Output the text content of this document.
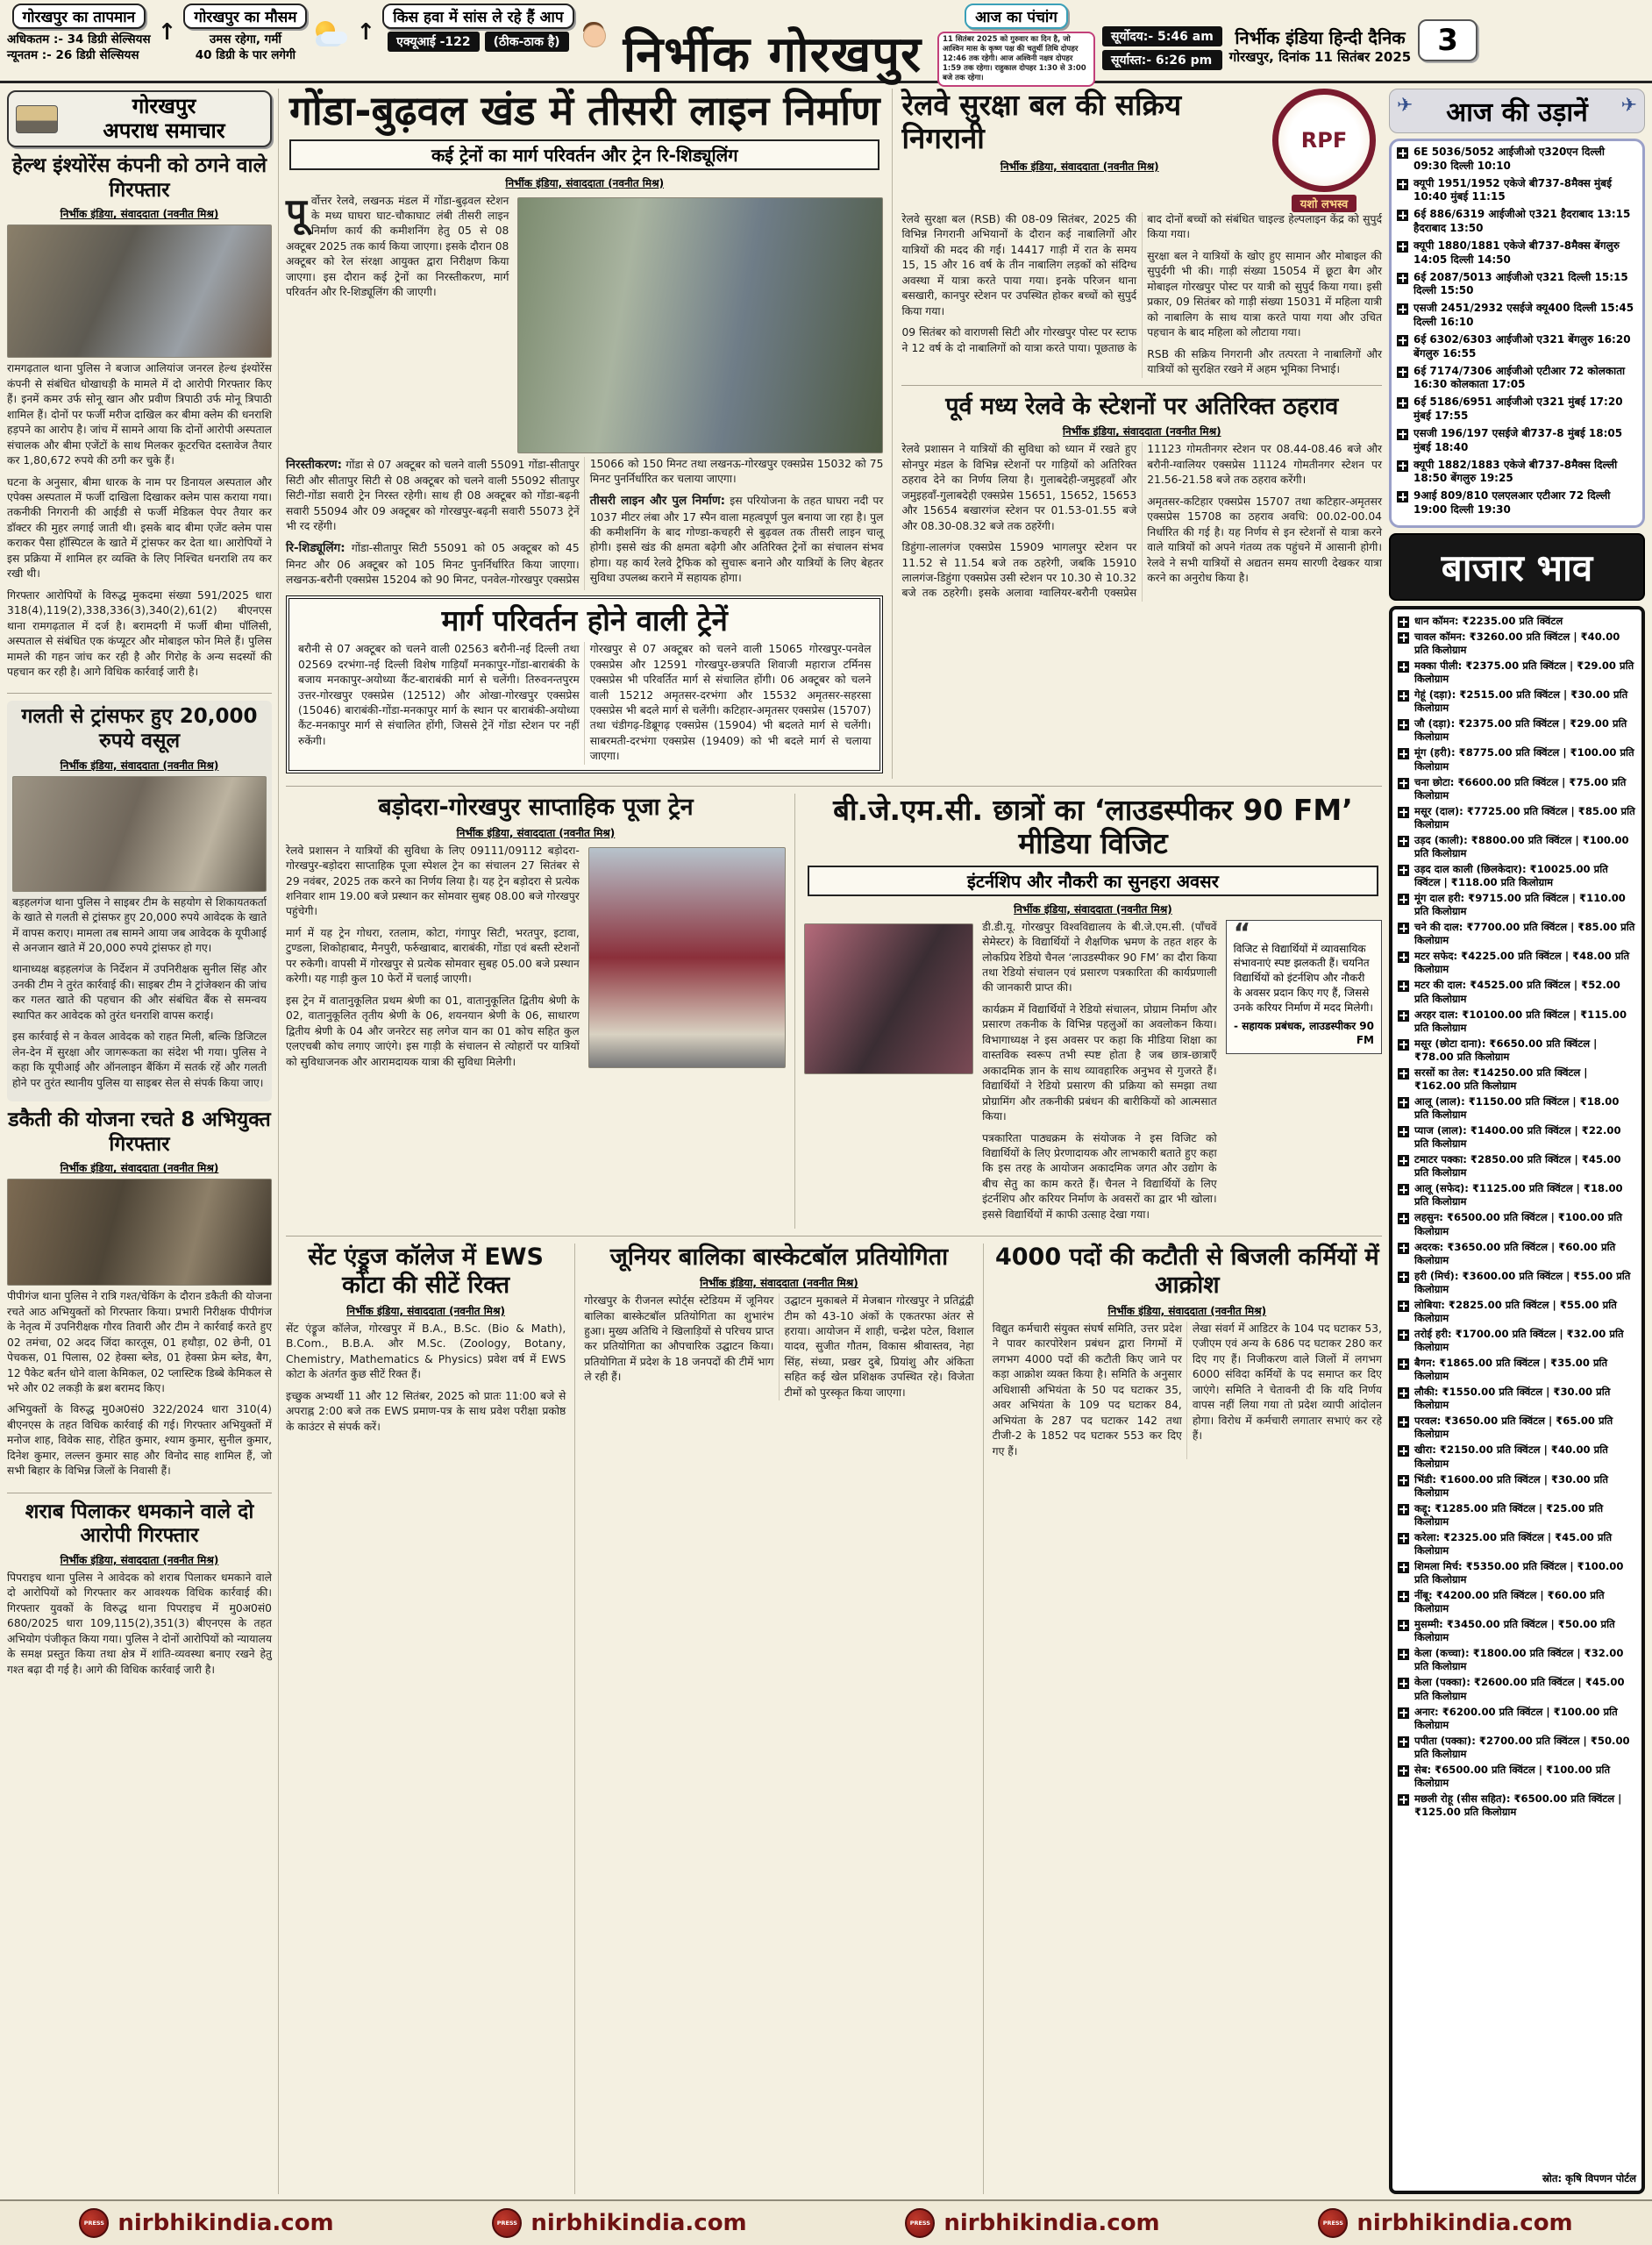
गोरखपुर का तापमान
अधिकतम :- 34 डिग्री सेल्सियस
न्यूनतम :- 26 डिग्री सेल्सियस
↑
गोरखपुर का मौसम
उमस रहेगा, गर्मी
40 डिग्री के पार लगेगी
↑
किस हवा में सांस ले रहे हैं आप
एक्यूआई -122	(ठीक-ठाक है) निर्भीक गोरखपुर
आज का पंचांग
11 सितंबर 2025 को गुरुवार का दिन है, जो आश्विन मास के कृष्ण पक्ष की चतुर्थी तिथि दोपहर 12:46 तक रहेगी। आज अश्विनी नक्षत्र दोपहर 1:59 तक रहेगा। राहुकाल दोपहर 1:30 से 3:00 बजे तक रहेगा।
सूर्योदय:- 5:46 am
सूर्यास्त:- 6:26 pm
निर्भीक इंडिया हिन्दी दैनिक
गोरखपुर, दिनांक 11 सितंबर 2025 3
गोरखपुर
अपराध समाचार
हेल्थ इंश्योरेंस कंपनी को ठगने वाले गिरफ्तार
निर्भीक इंडिया, संवाददाता (नवनीत मिश्र)

रामगढ़ताल थाना पुलिस ने बजाज आलियांज जनरल हेल्थ इंश्योरेंस कंपनी से संबंधित धोखाधड़ी के मामले में दो आरोपी गिरफ्तार किए हैं। इनमें कमर उर्फ सोनू खान और प्रवीण त्रिपाठी उर्फ मोनू त्रिपाठी शामिल हैं। दोनों पर फर्जी मरीज दाखिल कर बीमा क्लेम की धनराशि हड़पने का आरोप है। जांच में सामने आया कि दोनों आरोपी अस्पताल संचालक और बीमा एजेंटों के साथ मिलकर कूटरचित दस्तावेज तैयार कर 1,80,672 रुपये की ठगी कर चुके हैं।

घटना के अनुसार, बीमा धारक के नाम पर डिनायल अस्पताल और एपेक्स अस्पताल में फर्जी दाखिला दिखाकर क्लेम पास कराया गया। तकनीकी निगरानी की आईडी से फर्जी मेडिकल पेपर तैयार कर डॉक्टर की मुहर लगाई जाती थी। इसके बाद बीमा एजेंट क्लेम पास कराकर पैसा हॉस्पिटल के खाते में ट्रांसफर कर देता था। आरोपियों ने इस प्रक्रिया में शामिल हर व्यक्ति के लिए निश्चित धनराशि तय कर रखी थी।

गिरफ्तार आरोपियों के विरुद्ध मुकदमा संख्या 591/2025 धारा 318(4),119(2),338,336(3),340(2),61(2) बीएनएस थाना रामगढ़ताल में दर्ज है। बरामदगी में फर्जी बीमा पॉलिसी, अस्पताल से संबंधित एक कंप्यूटर और मोबाइल फोन मिले हैं। पुलिस मामले की गहन जांच कर रही है और गिरोह के अन्य सदस्यों की पहचान कर रही है। आगे विधिक कार्रवाई जारी है।

गलती से ट्रांसफर हुए 20,000 रुपये वसूल
निर्भीक इंडिया, संवाददाता (नवनीत मिश्र)

बड़हलगंज थाना पुलिस ने साइबर टीम के सहयोग से शिकायतकर्ता के खाते से गलती से ट्रांसफर हुए 20,000 रुपये आवेदक के खाते में वापस कराए। मामला तब सामने आया जब आवेदक के यूपीआई से अनजान खाते में 20,000 रुपये ट्रांसफर हो गए।

थानाध्यक्ष बड़हलगंज के निर्देशन में उपनिरीक्षक सुनील सिंह और उनकी टीम ने तुरंत कार्रवाई की। साइबर टीम ने ट्रांजेक्शन की जांच कर गलत खाते की पहचान की और संबंधित बैंक से समन्वय स्थापित कर आवेदक को तुरंत धनराशि वापस कराई।

इस कार्रवाई से न केवल आवेदक को राहत मिली, बल्कि डिजिटल लेन-देन में सुरक्षा और जागरूकता का संदेश भी गया। पुलिस ने कहा कि यूपीआई और ऑनलाइन बैंकिंग में सतर्क रहें और गलती होने पर तुरंत स्थानीय पुलिस या साइबर सेल से संपर्क किया जाए।

डकैती की योजना रचते 8 अभियुक्त गिरफ्तार
निर्भीक इंडिया, संवाददाता (नवनीत मिश्र)

पीपीगंज थाना पुलिस ने रात्रि गश्त/चेकिंग के दौरान डकैती की योजना रचते आठ अभियुक्तों को गिरफ्तार किया। प्रभारी निरीक्षक पीपीगंज के नेतृत्व में उपनिरीक्षक गौरव तिवारी और टीम ने कार्रवाई करते हुए 02 तमंचा, 02 अदद जिंदा कारतूस, 01 हथौड़ा, 02 छेनी, 01 पेचकस, 01 पिलास, 02 हेक्सा ब्लेड, 01 हेक्सा फ्रेम ब्लेड, बैग, 12 पैकेट बर्तन धोने वाला केमिकल, 02 प्लास्टिक डिब्बे केमिकल से भरे और 02 लकड़ी के ब्रश बरामद किए।

अभियुक्तों के विरुद्ध मु0अ0सं0 322/2024 धारा 310(4) बीएनएस के तहत विधिक कार्रवाई की गई। गिरफ्तार अभियुक्तों में मनोज शाह, विवेक साह, रोहित कुमार, श्याम कुमार, सुनील कुमार, दिनेश कुमार, लल्लन कुमार साह और विनोद साह शामिल हैं, जो सभी बिहार के विभिन्न जिलों के निवासी हैं।

शराब पिलाकर धमकाने वाले दो आरोपी गिरफ्तार
निर्भीक इंडिया, संवाददाता (नवनीत मिश्र)

पिपराइच थाना पुलिस ने आवेदक को शराब पिलाकर धमकाने वाले दो आरोपियों को गिरफ्तार कर आवश्यक विधिक कार्रवाई की। गिरफ्तार युवकों के विरुद्ध थाना पिपराइच में मु0अ0सं0 680/2025 धारा 109,115(2),351(3) बीएनएस के तहत अभियोग पंजीकृत किया गया। पुलिस ने दोनों आरोपियों को न्यायालय के समक्ष प्रस्तुत किया तथा क्षेत्र में शांति-व्यवस्था बनाए रखने हेतु गश्त बढ़ा दी गई है। आगे की विधिक कार्रवाई जारी है।

गोंडा-बुढ़वल खंड में तीसरी लाइन निर्माण
कई ट्रेनों का मार्ग परिवर्तन और ट्रेन रि-शिड्यूलिंग
निर्भीक इंडिया, संवाददाता (नवनीत मिश्र)

पूर्वोत्तर रेलवे, लखनऊ मंडल में गोंडा-बुढ़वल स्टेशन के मध्य घाघरा घाट-चौकाघाट लंबी तीसरी लाइन निर्माण कार्य की कमीशनिंग हेतु 05 से 08 अक्टूबर 2025 तक कार्य किया जाएगा। इसके दौरान 08 अक्टूबर को रेल संरक्षा आयुक्त द्वारा निरीक्षण किया जाएगा। इस दौरान कई ट्रेनों का निरस्तीकरण, मार्ग परिवर्तन और रि-शिड्यूलिंग की जाएगी।

निरस्तीकरण: गोंडा से 07 अक्टूबर को चलने वाली 55091 गोंडा-सीतापुर सिटी और सीतापुर सिटी से 08 अक्टूबर को चलने वाली 55092 सीतापुर सिटी-गोंडा सवारी ट्रेन निरस्त रहेगी। साथ ही 08 अक्टूबर को गोंडा-बढ़नी सवारी 55094 और 09 अक्टूबर को गोरखपुर-बढ़नी सवारी 55073 ट्रेनें भी रद रहेंगी।

रि-शिड्यूलिंग: गोंडा-सीतापुर सिटी 55091 को 05 अक्टूबर को 45 मिनट और 06 अक्टूबर को 105 मिनट पुनर्निर्धारित किया जाएगा। लखनऊ-बरौनी एक्सप्रेस 15204 को 90 मिनट, पनवेल-गोरखपुर एक्सप्रेस 15066 को 150 मिनट तथा लखनऊ-गोरखपुर एक्सप्रेस 15032 को 75 मिनट पुनर्निर्धारित कर चलाया जाएगा।

तीसरी लाइन और पुल निर्माण: इस परियोजना के तहत घाघरा नदी पर 1037 मीटर लंबा और 17 स्पैन वाला महत्वपूर्ण पुल बनाया जा रहा है। पुल की कमीशनिंग के बाद गोण्डा-कचहरी से बुढ़वल तक तीसरी लाइन चालू होगी। इससे खंड की क्षमता बढ़ेगी और अतिरिक्त ट्रेनों का संचालन संभव होगा। यह कार्य रेलवे ट्रैफिक को सुचारू बनाने और यात्रियों के लिए बेहतर सुविधा उपलब्ध कराने में सहायक होगा।

मार्ग परिवर्तन होने वाली ट्रेनें

बरौनी से 07 अक्टूबर को चलने वाली 02563 बरौनी-नई दिल्ली तथा 02569 दरभंगा-नई दिल्ली विशेष गाड़ियाँ मनकापुर-गोंडा-बाराबंकी के बजाय मनकापुर-अयोध्या कैंट-बाराबंकी मार्ग से चलेंगी। तिरुवनन्तपुरम उत्तर-गोरखपुर एक्सप्रेस (12512) और ओखा-गोरखपुर एक्सप्रेस (15046) बाराबंकी-गोंडा-मनकापुर मार्ग के स्थान पर बाराबंकी-अयोध्या कैंट-मनकापुर मार्ग से संचालित होंगी, जिससे ट्रेनें गोंडा स्टेशन पर नहीं रुकेंगी।

गोरखपुर से 07 अक्टूबर को चलने वाली 15065 गोरखपुर-पनवेल एक्सप्रेस और 12591 गोरखपुर-छत्रपति शिवाजी महाराज टर्मिनस एक्सप्रेस भी परिवर्तित मार्ग से संचालित होंगी। 06 अक्टूबर को चलने वाली 15212 अमृतसर-दरभंगा और 15532 अमृतसर-सहरसा एक्सप्रेस भी बदले मार्ग से चलेंगी। कटिहार-अमृतसर एक्सप्रेस (15707) तथा चंडीगढ़-डिब्रूगढ़ एक्सप्रेस (15904) भी बदलते मार्ग से चलेंगी। साबरमती-दरभंगा एक्सप्रेस (19409) को भी बदले मार्ग से चलाया जाएगा।

रेलवे सुरक्षा बल की सक्रिय निगरानी
निर्भीक इंडिया, संवाददाता (नवनीत मिश्र)
RPF
यशो लभस्व

रेलवे सुरक्षा बल (RSB) की 08-09 सितंबर, 2025 की विभिन्न निगरानी अभियानों के दौरान कई नाबालिगों और यात्रियों की मदद की गई। 14417 गाड़ी में रात के समय 15, 15 और 16 वर्ष के तीन नाबालिग लड़कों को संदिग्ध अवस्था में यात्रा करते पाया गया। इनके परिजन थाना बसखारी, कानपुर स्टेशन पर उपस्थित होकर बच्चों को सुपुर्द किया गया।

09 सितंबर को वाराणसी सिटी और गोरखपुर पोस्ट पर स्टाफ ने 12 वर्ष के दो नाबालिगों को यात्रा करते पाया। पूछताछ के बाद दोनों बच्चों को संबंधित चाइल्ड हेल्पलाइन केंद्र को सुपुर्द किया गया।

सुरक्षा बल ने यात्रियों के खोए हुए सामान और मोबाइल की सुपुर्दगी भी की। गाड़ी संख्या 15054 में छूटा बैग और मोबाइल गोरखपुर पोस्ट पर यात्री को सुपुर्द किया गया। इसी प्रकार, 09 सितंबर को गाड़ी संख्या 15031 में महिला यात्री को नाबालिग के साथ यात्रा करते पाया गया और उचित पहचान के बाद महिला को लौटाया गया।

RSB की सक्रिय निगरानी और तत्परता ने नाबालिगों और यात्रियों को सुरक्षित रखने में अहम भूमिका निभाई।

पूर्व मध्य रेलवे के स्टेशनों पर अतिरिक्त ठहराव
निर्भीक इंडिया, संवाददाता (नवनीत मिश्र)

रेलवे प्रशासन ने यात्रियों की सुविधा को ध्यान में रखते हुए सोनपुर मंडल के विभिन्न स्टेशनों पर गाड़ियों को अतिरिक्त ठहराव देने का निर्णय लिया है। गुलाबदेही-जमुइहवाँ और जमुइहवाँ-गुलाबदेही एक्सप्रेस 15651, 15652, 15653 और 15654 बखारगंज स्टेशन पर 01.53-01.55 बजे और 08.30-08.32 बजे तक ठहरेंगी।

डिहुंगा-लालगंज एक्सप्रेस 15909 भागलपुर स्टेशन पर 11.52 से 11.54 बजे तक ठहरेगी, जबकि 15910 लालगंज-डिहुंगा एक्सप्रेस उसी स्टेशन पर 10.30 से 10.32 बजे तक ठहरेगी। इसके अलावा ग्वालियर-बरौनी एक्सप्रेस 11123 गोमतीनगर स्टेशन पर 08.44-08.46 बजे और बरौनी-ग्वालियर एक्सप्रेस 11124 गोमतीनगर स्टेशन पर 21.56-21.58 बजे तक ठहराव करेंगी।

अमृतसर-कटिहार एक्सप्रेस 15707 तथा कटिहार-अमृतसर एक्सप्रेस 15708 का ठहराव अवधि: 00.02-00.04 निर्धारित की गई है। यह निर्णय से इन स्टेशनों से यात्रा करने वाले यात्रियों को अपने गंतव्य तक पहुंचने में आसानी होगी। रेलवे ने सभी यात्रियों से अद्यतन समय सारणी देखकर यात्रा करने का अनुरोध किया है।

बड़ोदरा-गोरखपुर साप्ताहिक पूजा ट्रेन
निर्भीक इंडिया, संवाददाता (नवनीत मिश्र)

रेलवे प्रशासन ने यात्रियों की सुविधा के लिए 09111/09112 बड़ोदरा-गोरखपुर-बड़ोदरा साप्ताहिक पूजा स्पेशल ट्रेन का संचालन 27 सितंबर से 29 नवंबर, 2025 तक करने का निर्णय लिया है। यह ट्रेन बड़ोदरा से प्रत्येक शनिवार शाम 19.00 बजे प्रस्थान कर सोमवार सुबह 08.00 बजे गोरखपुर पहुंचेगी।

मार्ग में यह ट्रेन गोधरा, रतलाम, कोटा, गंगापुर सिटी, भरतपुर, इटावा, टुण्डला, शिकोहाबाद, मैनपुरी, फर्रुखाबाद, बाराबंकी, गोंडा एवं बस्ती स्टेशनों पर रुकेगी। वापसी में गोरखपुर से प्रत्येक सोमवार सुबह 05.00 बजे प्रस्थान करेगी। यह गाड़ी कुल 10 फेरों में चलाई जाएगी।

इस ट्रेन में वातानुकूलित प्रथम श्रेणी का 01, वातानुकूलित द्वितीय श्रेणी के 02, वातानुकूलित तृतीय श्रेणी के 06, शयनयान श्रेणी के 06, साधारण द्वितीय श्रेणी के 04 और जनरेटर सह लगेज यान का 01 कोच सहित कुल एलएचबी कोच लगाए जाएंगे। इस गाड़ी के संचालन से त्योहारों पर यात्रियों को सुविधाजनक और आरामदायक यात्रा की सुविधा मिलेगी।

बी.जे.एम.सी. छात्रों का ‘लाउडस्पीकर 90 FM’ मीडिया विजिट
इंटर्नशिप और नौकरी का सुनहरा अवसर
निर्भीक इंडिया, संवाददाता (नवनीत मिश्र)

डी.डी.यू. गोरखपुर विश्वविद्यालय के बी.जे.एम.सी. (पाँचवें सेमेस्टर) के विद्यार्थियों ने शैक्षणिक भ्रमण के तहत शहर के लोकप्रिय रेडियो चैनल ‘लाउडस्पीकर 90 FM’ का दौरा किया तथा रेडियो संचालन एवं प्रसारण पत्रकारिता की कार्यप्रणाली की जानकारी प्राप्त की।

कार्यक्रम में विद्यार्थियों ने रेडियो संचालन, प्रोग्राम निर्माण और प्रसारण तकनीक के विभिन्न पहलुओं का अवलोकन किया। विभागाध्यक्ष ने इस अवसर पर कहा कि मीडिया शिक्षा का वास्तविक स्वरूप तभी स्पष्ट होता है जब छात्र-छात्राएँ अकादमिक ज्ञान के साथ व्यावहारिक अनुभव से गुजरते हैं। विद्यार्थियों ने रेडियो प्रसारण की प्रक्रिया को समझा तथा प्रोग्रामिंग और तकनीकी प्रबंधन की बारीकियों को आत्मसात किया।

पत्रकारिता पाठ्यक्रम के संयोजक ने इस विजिट को विद्यार्थियों के लिए प्रेरणादायक और लाभकारी बताते हुए कहा कि इस तरह के आयोजन अकादमिक जगत और उद्योग के बीच सेतु का काम करते हैं। चैनल ने विद्यार्थियों के लिए इंटर्नशिप और करियर निर्माण के अवसरों का द्वार भी खोला। इससे विद्यार्थियों में काफी उत्साह देखा गया।

“
विजिट से विद्यार्थियों में व्यावसायिक संभावनाएं स्पष्ट झलकती हैं। चयनित विद्यार्थियों को इंटर्नशिप और नौकरी के अवसर प्रदान किए गए हैं, जिससे उनके करियर निर्माण में मदद मिलेगी।
- सहायक प्रबंधक, लाउडस्पीकर 90 FM
सेंट एंड्रूज कॉलेज में EWS कोटा की सीटें रिक्त
निर्भीक इंडिया, संवाददाता (नवनीत मिश्र)

सेंट एंड्रूज कॉलेज, गोरखपुर में B.A., B.Sc. (Bio & Math), B.Com., B.B.A. और M.Sc. (Zoology, Botany, Chemistry, Mathematics & Physics) प्रवेश वर्ष में EWS कोटा के अंतर्गत कुछ सीटें रिक्त हैं।

इच्छुक अभ्यर्थी 11 और 12 सितंबर, 2025 को प्रातः 11:00 बजे से अपराह्न 2:00 बजे तक EWS प्रमाण-पत्र के साथ प्रवेश परीक्षा प्रकोष्ठ के काउंटर से संपर्क करें।

जूनियर बालिका बास्केटबॉल प्रतियोगिता
निर्भीक इंडिया, संवाददाता (नवनीत मिश्र)

गोरखपुर के रीजनल स्पोर्ट्स स्टेडियम में जूनियर बालिका बास्केटबॉल प्रतियोगिता का शुभारंभ हुआ। मुख्य अतिथि ने खिलाड़ियों से परिचय प्राप्त कर प्रतियोगिता का औपचारिक उद्घाटन किया। प्रतियोगिता में प्रदेश के 18 जनपदों की टीमें भाग ले रही हैं।

उद्घाटन मुकाबले में मेजबान गोरखपुर ने प्रतिद्वंद्वी टीम को 43-10 अंकों के एकतरफा अंतर से हराया। आयोजन में शाही, चन्द्रेश पटेल, विशाल यादव, सुजीत गौतम, विकास श्रीवास्तव, नेहा सिंह, संध्या, प्रखर दुबे, प्रियांशु और अंकिता सहित कई खेल प्रशिक्षक उपस्थित रहे। विजेता टीमों को पुरस्कृत किया जाएगा।

4000 पदों की कटौती से बिजली कर्मियों में आक्रोश
निर्भीक इंडिया, संवाददाता (नवनीत मिश्र)

विद्युत कर्मचारी संयुक्त संघर्ष समिति, उत्तर प्रदेश ने पावर कारपोरेशन प्रबंधन द्वारा निगमों में लगभग 4000 पदों की कटौती किए जाने पर कड़ा आक्रोश व्यक्त किया है। समिति के अनुसार अधिशासी अभियंता के 50 पद घटाकर 35, अवर अभियंता के 109 पद घटाकर 84, अभियंता के 287 पद घटाकर 142 तथा टीजी-2 के 1852 पद घटाकर 553 कर दिए गए हैं।

लेखा संवर्ग में आडिटर के 104 पद घटाकर 53, एजीएम एवं अन्य के 686 पद घटाकर 280 कर दिए गए हैं। निजीकरण वाले जिलों में लगभग 6000 संविदा कर्मियों के पद समाप्त कर दिए जाएंगे। समिति ने चेतावनी दी कि यदि निर्णय वापस नहीं लिया गया तो प्रदेश व्यापी आंदोलन होगा। विरोध में कर्मचारी लगातार सभाएं कर रहे हैं।

✈ आज की उड़ानें ✈
6E 5036/5052 आईजीओ ए320एन दिल्ली 09:30 दिल्ली 10:10
क्यूपी 1951/1952 एकेजे बी737-8मैक्स मुंबई 10:40 मुंबई 11:15
6ई 886/6319 आईजीओ ए321 हैदराबाद 13:15 हैदराबाद 13:50
क्यूपी 1880/1881 एकेजे बी737-8मैक्स बेंगलुरु 14:05 दिल्ली 14:50
6ई 2087/5013 आईजीओ ए321 दिल्ली 15:15 दिल्ली 15:50
एसजी 2451/2932 एसईजे क्यू400 दिल्ली 15:45 दिल्ली 16:10
6ई 6302/6303 आईजीओ ए321 बेंगलुरु 16:20 बेंगलुरु 16:55
6ई 7174/7306 आईजीओ एटीआर 72 कोलकाता 16:30 कोलकाता 17:05
6ई 5186/6951 आईजीओ ए321 मुंबई 17:20 मुंबई 17:55
एसजी 196/197 एसईजे बी737-8 मुंबई 18:05 मुंबई 18:40
क्यूपी 1882/1883 एकेजे बी737-8मैक्स दिल्ली 18:50 बेंगलुरु 19:25
9आई 809/810 एलएलआर एटीआर 72 दिल्ली 19:00 दिल्ली 19:30
बाजार भाव
धान कॉमन: ₹2235.00 प्रति क्विंटल
चावल कॉमन: ₹3260.00 प्रति क्विंटल | ₹40.00 प्रति किलोग्राम
मक्का पीली: ₹2375.00 प्रति क्विंटल | ₹29.00 प्रति किलोग्राम
गेहूं (दड़ा): ₹2515.00 प्रति क्विंटल | ₹30.00 प्रति किलोग्राम
जौ (दड़ा): ₹2375.00 प्रति क्विंटल | ₹29.00 प्रति किलोग्राम
मूंग (हरी): ₹8775.00 प्रति क्विंटल | ₹100.00 प्रति किलोग्राम
चना छोटा: ₹6600.00 प्रति क्विंटल | ₹75.00 प्रति किलोग्राम
मसूर (दाल): ₹7725.00 प्रति क्विंटल | ₹85.00 प्रति किलोग्राम
उड़द (काली): ₹8800.00 प्रति क्विंटल | ₹100.00 प्रति किलोग्राम
उड़द दाल काली (छिलकेदार): ₹10025.00 प्रति क्विंटल | ₹118.00 प्रति किलोग्राम
मूंग दाल हरी: ₹9715.00 प्रति क्विंटल | ₹110.00 प्रति किलोग्राम
चने की दाल: ₹7700.00 प्रति क्विंटल | ₹85.00 प्रति किलोग्राम
मटर सफेद: ₹4225.00 प्रति क्विंटल | ₹48.00 प्रति किलोग्राम
मटर की दाल: ₹4525.00 प्रति क्विंटल | ₹52.00 प्रति किलोग्राम
अरहर दाल: ₹10100.00 प्रति क्विंटल | ₹115.00 प्रति किलोग्राम
मसूर (छोटा दाना): ₹6650.00 प्रति क्विंटल | ₹78.00 प्रति किलोग्राम
सरसों का तेल: ₹14250.00 प्रति क्विंटल | ₹162.00 प्रति किलोग्राम
आलू (लाल): ₹1150.00 प्रति क्विंटल | ₹18.00 प्रति किलोग्राम
प्याज (लाल): ₹1400.00 प्रति क्विंटल | ₹22.00 प्रति किलोग्राम
टमाटर पक्का: ₹2850.00 प्रति क्विंटल | ₹45.00 प्रति किलोग्राम
आलू (सफेद): ₹1125.00 प्रति क्विंटल | ₹18.00 प्रति किलोग्राम
लहसुन: ₹6500.00 प्रति क्विंटल | ₹100.00 प्रति किलोग्राम
अदरक: ₹3650.00 प्रति क्विंटल | ₹60.00 प्रति किलोग्राम
हरी (मिर्च): ₹3600.00 प्रति क्विंटल | ₹55.00 प्रति किलोग्राम
लोबिया: ₹2825.00 प्रति क्विंटल | ₹55.00 प्रति किलोग्राम
तरोई हरी: ₹1700.00 प्रति क्विंटल | ₹32.00 प्रति किलोग्राम
बैगन: ₹1865.00 प्रति क्विंटल | ₹35.00 प्रति किलोग्राम
लौकी: ₹1550.00 प्रति क्विंटल | ₹30.00 प्रति किलोग्राम
परवल: ₹3650.00 प्रति क्विंटल | ₹65.00 प्रति किलोग्राम
खीरा: ₹2150.00 प्रति क्विंटल | ₹40.00 प्रति किलोग्राम
भिंडी: ₹1600.00 प्रति क्विंटल | ₹30.00 प्रति किलोग्राम
कद्दू: ₹1285.00 प्रति क्विंटल | ₹25.00 प्रति किलोग्राम
करेला: ₹2325.00 प्रति क्विंटल | ₹45.00 प्रति किलोग्राम
शिमला मिर्च: ₹5350.00 प्रति क्विंटल | ₹100.00 प्रति किलोग्राम
नींबू: ₹4200.00 प्रति क्विंटल | ₹60.00 प्रति किलोग्राम
मुसम्मी: ₹3450.00 प्रति क्विंटल | ₹50.00 प्रति किलोग्राम
केला (कच्चा): ₹1800.00 प्रति क्विंटल | ₹32.00 प्रति किलोग्राम
केला (पक्का): ₹2600.00 प्रति क्विंटल | ₹45.00 प्रति किलोग्राम
अनार: ₹6200.00 प्रति क्विंटल | ₹100.00 प्रति किलोग्राम
पपीता (पक्का): ₹2700.00 प्रति क्विंटल | ₹50.00 प्रति किलोग्राम
सेब: ₹6500.00 प्रति क्विंटल | ₹100.00 प्रति किलोग्राम
मछली रोहू (सीस सहित): ₹6500.00 प्रति क्विंटल | ₹125.00 प्रति किलोग्राम
स्रोत: कृषि विपणन पोर्टल
PRESS nirbhikindia.com	PRESS nirbhikindia.com	PRESS nirbhikindia.com	PRESS nirbhikindia.com
